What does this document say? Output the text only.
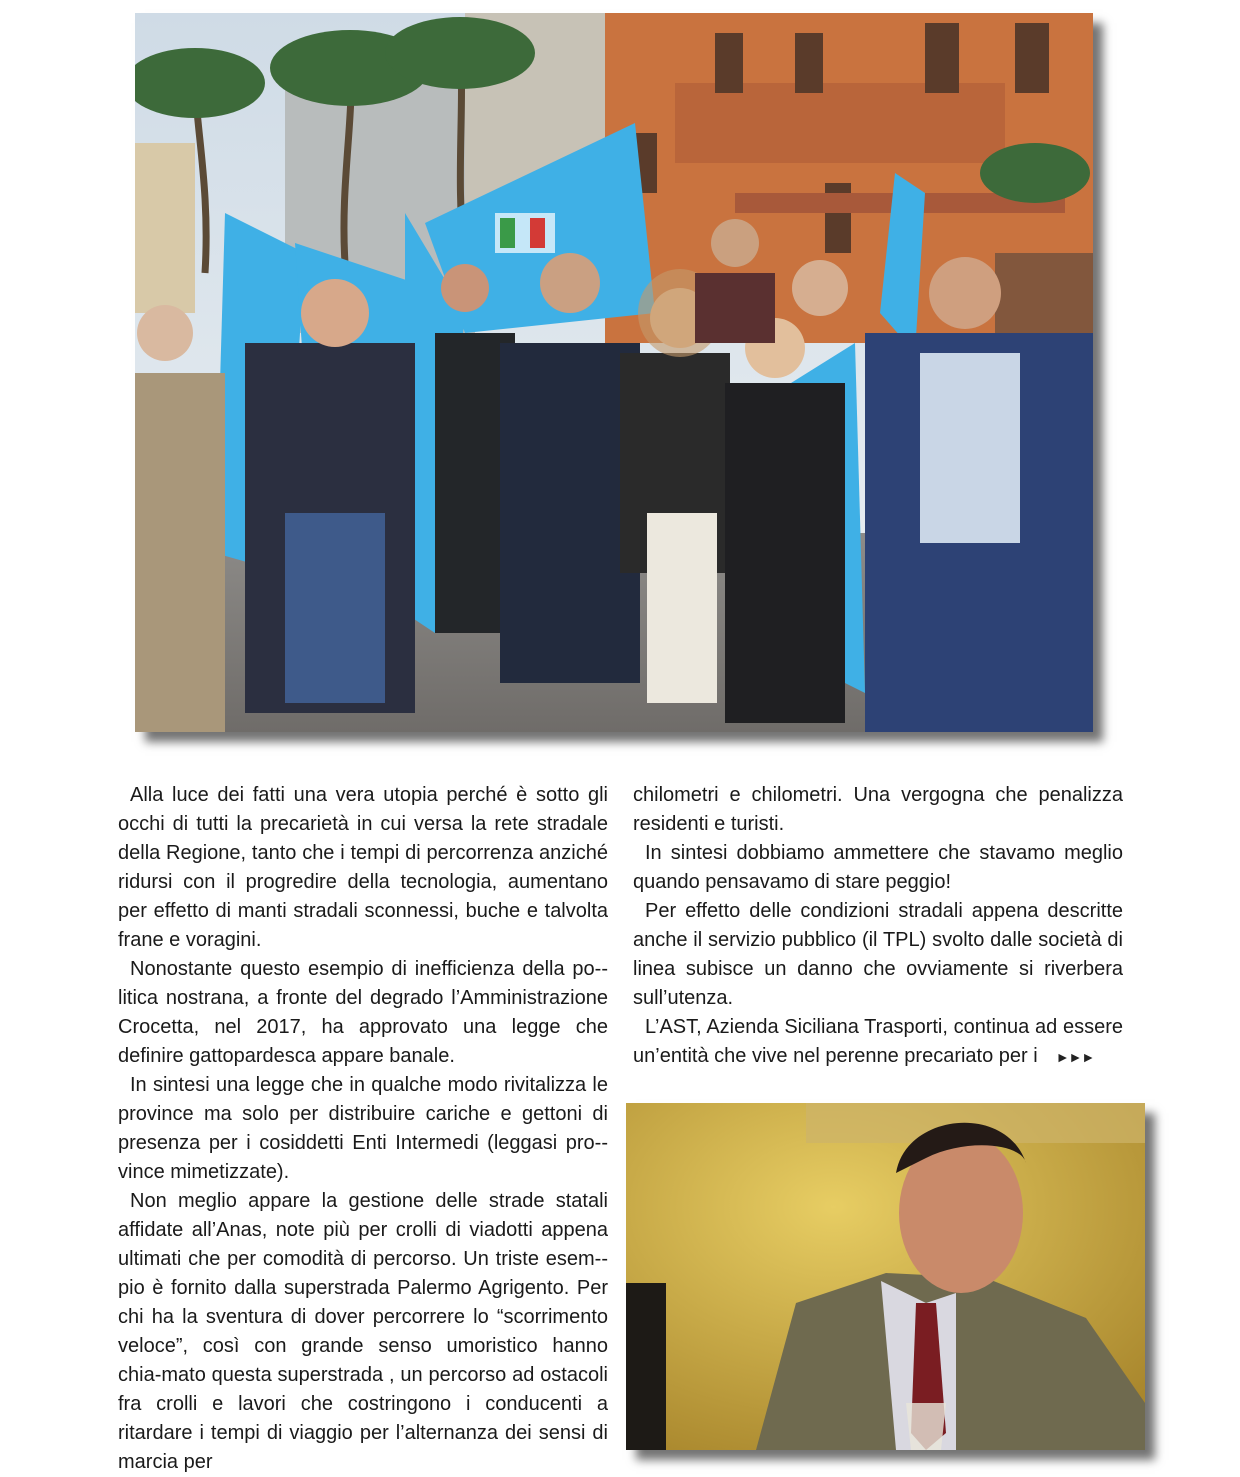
Alla luce dei fatti una vera utopia perché è sotto gli occhi di tutti la precarietà in cui versa la rete stradale della Regione, tanto che i tempi di percorrenza anziché ridursi con il progredire della tecnologia, aumentano per effetto di manti stradali sconnessi, buche e talvolta frane e voragini.

Nonostante questo esempio di inefficienza della po-litica nostrana, a fronte del degrado l’Amministrazione Crocetta, nel 2017, ha approvato una legge che definire gattopardesca appare banale.

In sintesi una legge che in qualche modo rivitalizza le province ma solo per distribuire cariche e gettoni di presenza per i cosiddetti Enti Intermedi (leggasi pro-vince mimetizzate).

Non meglio appare la gestione delle strade statali affidate all’Anas, note più per crolli di viadotti appena ultimati che per comodità di percorso. Un triste esem-pio è fornito dalla superstrada Palermo Agrigento. Per chi ha la sventura di dover percorrere lo “scorrimento veloce”, così con grande senso umoristico hanno chia-mato questa superstrada , un percorso ad ostacoli fra crolli e lavori che costringono i conducenti a ritardare i tempi di viaggio per l’alternanza dei sensi di marcia per

chilometri e chilometri. Una vergogna che penalizza residenti e turisti.

In sintesi dobbiamo ammettere che stavamo meglio quando pensavamo di stare peggio!

Per effetto delle condizioni stradali appena descritte anche il servizio pubblico (il TPL) svolto dalle società di linea subisce un danno che ovviamente si riverbera sull’utenza.

L’AST, Azienda Siciliana Trasporti, continua ad essere un’entità che vive nel perenne precariato per i ►►►
